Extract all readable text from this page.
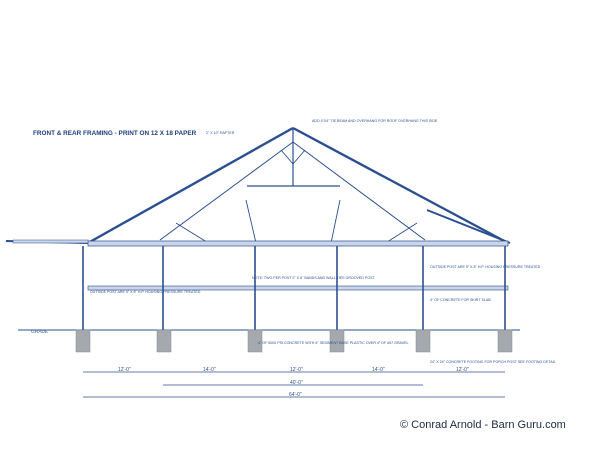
FRONT & REAR FRAMING - PRINT ON 12 X 18 PAPER
GRADE
NOTE: TWO PER POST 2" X 6" BANDS AND WALL TIES GROOVED POST
OUTSIDE POST ARE 5" X 8" H.P. HOUSING PRESSURE TREATED
OUTSIDE POST ARE 5" X 8" H.P. HOUSING PRESSURE TREATED
4" OF CONCRETE FOR SKIRT SLAB
24" X 24" CONCRETE FOOTING FOR PORCH POST SEE FOOTING DETAIL
4" OF 5000 PSI CONCRETE WITH 6" SEDIMENT BASE PLASTIC OVER 4" OF #57 GRAVEL
ADD 4"X4" TIE BEAM AND OVERHANG FOR ROOF OVERHANG THIS SIDE
2" X 10" RAFTER
12'-0"	14'-0"	12'-0"	14'-0"	12'-0"
40'-0"
64'-0"
© Conrad Arnold - Barn Guru.com
